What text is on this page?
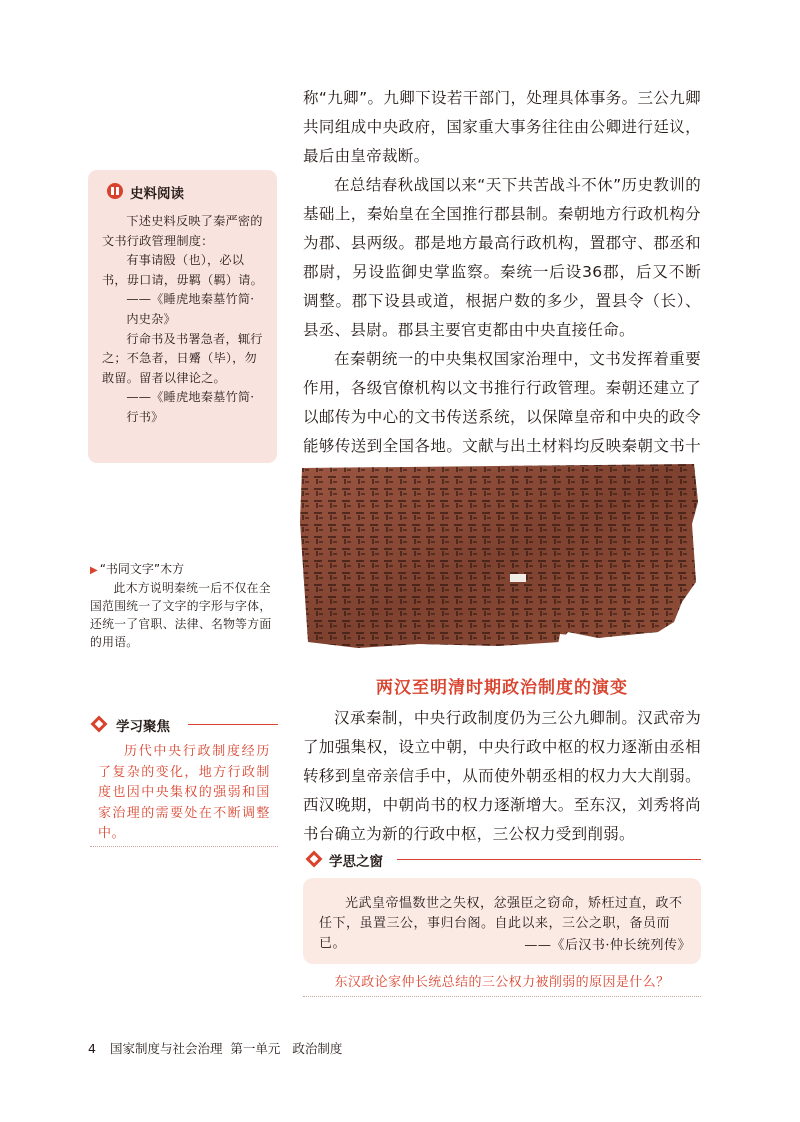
称“九卿”。九卿下设若干部门，处理具体事务。三公九卿共同组成中央政府，国家重大事务往往由公卿进行廷议，最后由皇帝裁断。

在总结春秋战国以来“天下共苦战斗不休”历史教训的基础上，秦始皇在全国推行郡县制。秦朝地方行政机构分为郡、县两级。郡是地方最高行政机构，置郡守、郡丞和郡尉，另设监御史掌监察。秦统一后设36郡，后又不断调整。郡下设县或道，根据户数的多少，置县令（长）、县丞、县尉。郡县主要官吏都由中央直接任命。

在秦朝统一的中央集权国家治理中，文书发挥着重要作用，各级官僚机构以文书推行行政管理。秦朝还建立了以邮传为中心的文书传送系统，以保障皇帝和中央的政令能够传送到全国各地。文献与出土材料均反映秦朝文书十

两汉至明清时期政治制度的演变

汉承秦制，中央行政制度仍为三公九卿制。汉武帝为了加强集权，设立中朝，中央行政中枢的权力逐渐由丞相转移到皇帝亲信手中，从而使外朝丞相的权力大大削弱。西汉晚期，中朝尚书的权力逐渐增大。至东汉，刘秀将尚书台确立为新的行政中枢，三公权力受到削弱。

学思之窗

光武皇帝愠数世之失权，忿强臣之窃命，矫枉过直，政不任下，虽置三公，事归台阁。自此以来，三公之职，备员而已。	——《后汉书·仲长统列传》

东汉政论家仲长统总结的三公权力被削弱的原因是什么？
史料阅读

下述史料反映了秦严密的文书行政管理制度：

有事请殹（也），必以书，毋口请，毋羁（羁）请。

——《睡虎地秦墓竹简·内史杂》

行命书及书署急者，辄行之；不急者，日觱（毕），勿敢留。留者以律论之。

——《睡虎地秦墓竹简·行书》

▶ “书同文字”木方

此木方说明秦统一后不仅在全国范围统一了文字的字形与字体，还统一了官职、法律、名物等方面的用语。

学习聚焦

历代中央行政制度经历了复杂的变化，地方行政制度也因中央集权的强弱和国家治理的需要处在不断调整中。

4 国家制度与社会治理  第一单元   政治制度
